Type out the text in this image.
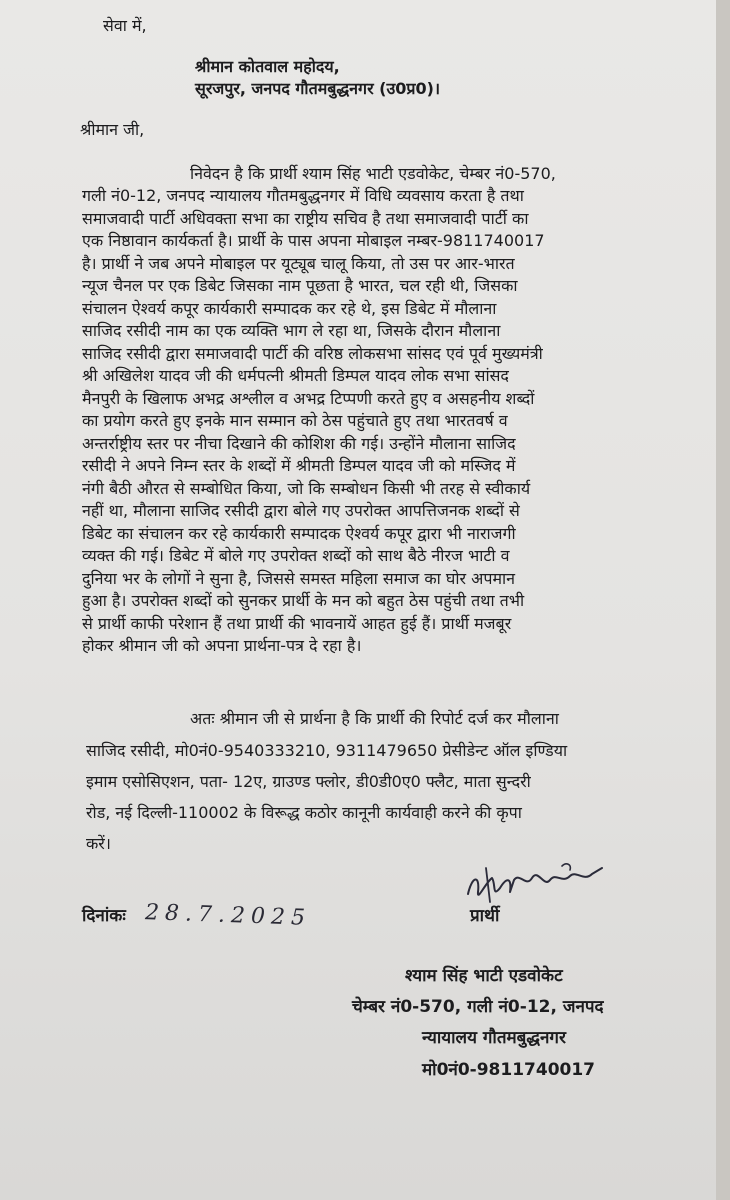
सेवा में,
श्रीमान कोतवाल महोदय,
सूरजपुर, जनपद गौतमबुद्धनगर (उ0प्र0)।
श्रीमान जी,
निवेदन है कि प्रार्थी श्याम सिंह भाटी एडवोकेट, चेम्बर नं0-570,
गली नं0-12, जनपद न्यायालय गौतमबुद्धनगर में विधि व्यवसाय करता है तथा
समाजवादी पार्टी अधिवक्ता सभा का राष्ट्रीय सचिव है तथा समाजवादी पार्टी का
एक निष्ठावान कार्यकर्ता है। प्रार्थी के पास अपना मोबाइल नम्बर-9811740017
है। प्रार्थी ने जब अपने मोबाइल पर यूट्यूब चालू किया, तो उस पर आर-भारत
न्यूज चैनल पर एक डिबेट जिसका नाम पूछता है भारत, चल रही थी, जिसका
संचालन ऐश्वर्य कपूर कार्यकारी सम्पादक कर रहे थे, इस डिबेट में मौलाना
साजिद रसीदी नाम का एक व्यक्ति भाग ले रहा था, जिसके दौरान मौलाना
साजिद रसीदी द्वारा समाजवादी पार्टी की वरिष्ठ लोकसभा सांसद एवं पूर्व मुख्यमंत्री
श्री अखिलेश यादव जी की धर्मपत्नी श्रीमती डिम्पल यादव लोक सभा सांसद
मैनपुरी के खिलाफ अभद्र अश्लील व अभद्र टिप्पणी करते हुए व असहनीय शब्दों
का प्रयोग करते हुए इनके मान सम्मान को ठेस पहुंचाते हुए तथा भारतवर्ष व
अन्तर्राष्ट्रीय स्तर पर नीचा दिखाने की कोशिश की गई। उन्होंने मौलाना साजिद
रसीदी ने अपने निम्न स्तर के शब्दों में श्रीमती डिम्पल यादव जी को मस्जिद में
नंगी बैठी औरत से सम्बोधित किया, जो कि सम्बोधन किसी भी तरह से स्वीकार्य
नहीं था, मौलाना साजिद रसीदी द्वारा बोले गए उपरोक्त आपत्तिजनक शब्दों से
डिबेट का संचालन कर रहे कार्यकारी सम्पादक ऐश्वर्य कपूर द्वारा भी नाराजगी
व्यक्त की गई। डिबेट में बोले गए उपरोक्त शब्दों को साथ बैठे नीरज भाटी व
दुनिया भर के लोगों ने सुना है, जिससे समस्त महिला समाज का घोर अपमान
हुआ है। उपरोक्त शब्दों को सुनकर प्रार्थी के मन को बहुत ठेस पहुंची तथा तभी
से प्रार्थी काफी परेशान हैं तथा प्रार्थी की भावनायें आहत हुई हैं। प्रार्थी मजबूर
होकर श्रीमान जी को अपना प्रार्थना-पत्र दे रहा है।
अतः श्रीमान जी से प्रार्थना है कि प्रार्थी की रिपोर्ट दर्ज कर मौलाना
साजिद रसीदी, मो0नं0-9540333210, 9311479650 प्रेसीडेन्ट ऑल इण्डिया
इमाम एसोसिएशन, पता- 12ए, ग्राउण्ड फ्लोर, डी0डी0ए0 फ्लैट, माता सुन्दरी
रोड, नई दिल्ली-110002 के विरूद्ध कठोर कानूनी कार्यवाही करने की कृपा
करें।
दिनांकः 28.7.2025	प्रार्थी
श्याम सिंह भाटी एडवोकेट
चेम्बर नं0-570, गली नं0-12, जनपद
न्यायालय गौतमबुद्धनगर
मो0नं0-9811740017
